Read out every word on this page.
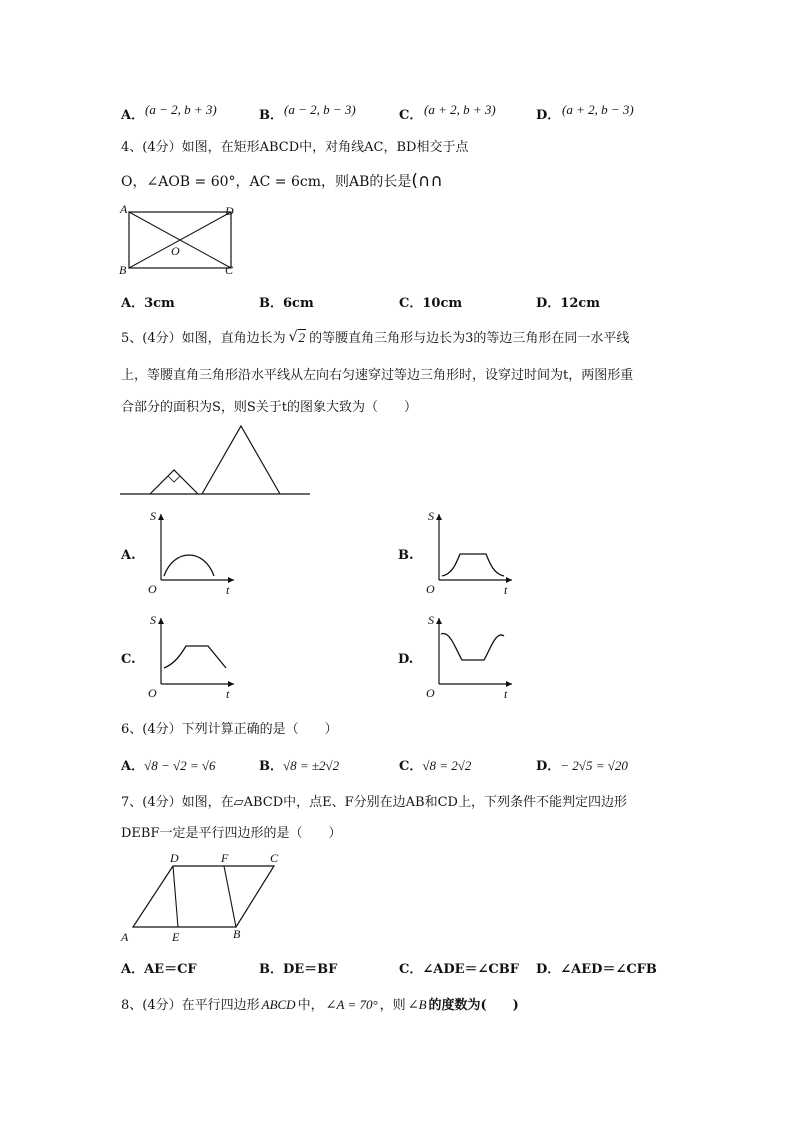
A． (a − 2, b + 3)	B． (a − 2, b − 3)	C． (a + 2, b + 3)	D． (a + 2, b − 3)
4、(4分）如图，在矩形ABCD中，对角线AC，BD相交于点
O，∠AOB = 60°，AC = 6cm，则AB的长是(∩∩
A
B	C
D
O
A．3cm	B．6cm	C．10cm	D．12cm
5、(4分）如图，直角边长为 √ 2 的等腰直角三角形与边长为3的等边三角形在同一水平线
上，等腰直角三角形沿水平线从左向右匀速穿过等边三角形时，设穿过时间为t，两图形重
合部分的面积为S，则S关于t的图象大致为（　　）
A.	B.
C.	D.
S
O	t
S
O	t
S
O	t
S
O	t
6、(4分）下列计算正确的是（　　）
A．√8 − √2 = √6	B．√8 = ±2√2	C．√8 = 2√2	D．− 2√5 = √20
7、(4分）如图，在▱ABCD中，点E、F分别在边AB和CD上，下列条件不能判定四边形
DEBF一定是平行四边形的是（　　）
A	E	B
D	F	C
A．AE＝CF	B．DE＝BF	C．∠ADE＝∠CBF D．∠AED＝∠CFB
8、(4分）在平行四边形 ABCD 中， ∠A = 70° ，则 ∠B 的度数为(　　)
